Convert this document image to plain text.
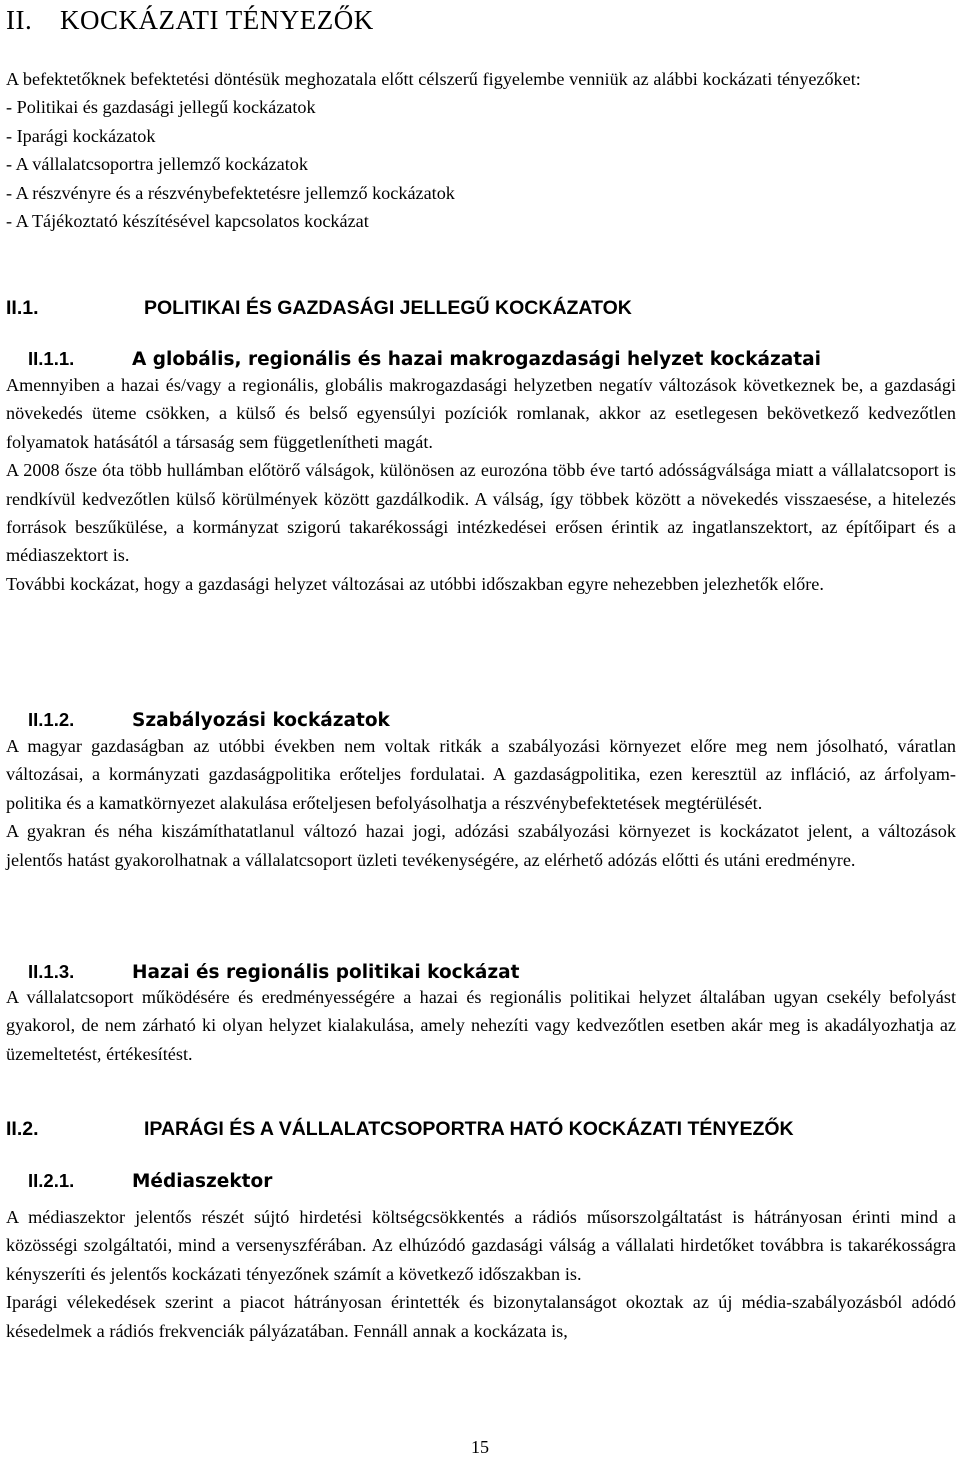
II. KOCKÁZATI TÉNYEZŐK

A befektetőknek befektetési döntésük meghozatala előtt célszerű figyelembe venniük az alábbi kockázati tényezőket:

- Politikai és gazdasági jellegű kockázatok
- Iparági kockázatok
- A vállalatcsoportra jellemző kockázatok
- A részvényre és a részvénybefektetésre jellemző kockázatok
- A Tájékoztató készítésével kapcsolatos kockázat
II.1.	POLITIKAI ÉS GAZDASÁGI JELLEGŰ KOCKÁZATOK
II.1.1.	A globális, regionális és hazai makrogazdasági helyzet kockázatai

Amennyiben a hazai és/vagy a regionális, globális makrogazdasági helyzetben negatív változások következnek be, a gazdasági növekedés üteme csökken, a külső és belső egyensúlyi pozíciók romlanak, akkor az esetlegesen bekövetkező kedvezőtlen folyamatok hatásától a társaság sem függetlenítheti magát.

A 2008 ősze óta több hullámban előtörő válságok, különösen az eurozóna több éve tartó adósságválsága miatt a vállalatcsoport is rendkívül kedvezőtlen külső körülmények között gazdálkodik. A válság, így többek között a növekedés visszaesése, a hitelezés források beszűkülése, a kormányzat szigorú takarékossági intézkedései erősen érintik az ingatlanszektort, az építőipart és a médiaszektort is.

További kockázat, hogy a gazdasági helyzet változásai az utóbbi időszakban egyre nehezebben jelezhetők előre.

II.1.2.	Szabályozási kockázatok

A magyar gazdaságban az utóbbi években nem voltak ritkák a szabályozási környezet előre meg nem jósolható, váratlan változásai, a kormányzati gazdaságpolitika erőteljes fordulatai. A gazdaságpolitika, ezen keresztül az infláció, az árfolyam-politika és a kamatkörnyezet alakulása erőteljesen befolyásolhatja a részvénybefektetések megtérülését.

A gyakran és néha kiszámíthatatlanul változó hazai jogi, adózási szabályozási környezet is kockázatot jelent, a változások jelentős hatást gyakorolhatnak a vállalatcsoport üzleti tevékenységére, az elérhető adózás előtti és utáni eredményre.

II.1.3.	Hazai és regionális politikai kockázat

A vállalatcsoport működésére és eredményességére a hazai és regionális politikai helyzet általában ugyan csekély befolyást gyakorol, de nem zárható ki olyan helyzet kialakulása, amely nehezíti vagy kedvezőtlen esetben akár meg is akadályozhatja az üzemeltetést, értékesítést.

II.2.	IPARÁGI ÉS A VÁLLALATCSOPORTRA HATÓ KOCKÁZATI TÉNYEZŐK
II.2.1.	Médiaszektor

A médiaszektor jelentős részét sújtó hirdetési költségcsökkentés a rádiós műsorszolgáltatást is hátrányosan érinti mind a közösségi szolgáltatói, mind a versenyszférában. Az elhúzódó gazdasági válság a vállalati hirdetőket továbbra is takarékosságra kényszeríti és jelentős kockázati tényezőnek számít a következő időszakban is.

Iparági vélekedések szerint a piacot hátrányosan érintették és bizonytalanságot okoztak az új média-szabályozásból adódó késedelmek a rádiós frekvenciák pályázatában. Fennáll annak a kockázata is,

15
